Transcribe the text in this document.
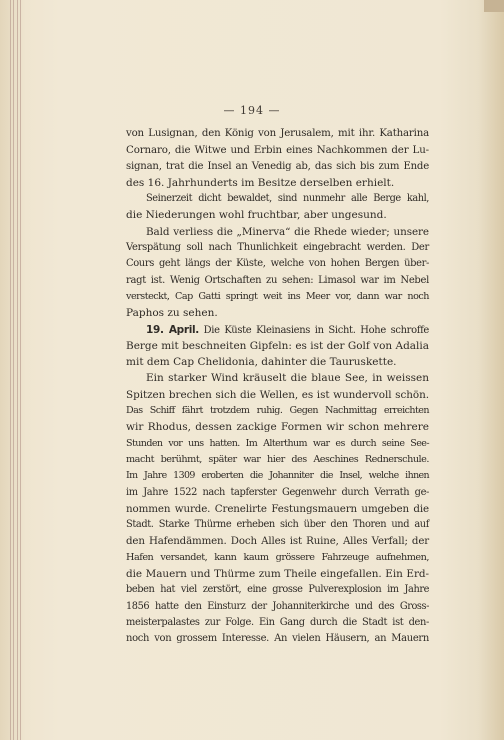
— 194 —
von Lusignan, den König von Jerusalem, mit ihr. Katharina
Cornaro, die Witwe und Erbin eines Nachkommen der Lu-
signan, trat die Insel an Venedig ab, das sich bis zum Ende
des 16. Jahrhunderts im Besitze derselben erhielt.
Seinerzeit dicht bewaldet, sind nunmehr alle Berge kahl,
die Niederungen wohl fruchtbar, aber ungesund.
Bald verliess die „Minerva“ die Rhede wieder; unsere
Verspätung soll nach Thunlichkeit eingebracht werden. Der
Cours geht längs der Küste, welche von hohen Bergen über-
ragt ist. Wenig Ortschaften zu sehen: Limasol war im Nebel
versteckt, Cap Gatti springt weit ins Meer vor, dann war noch
Paphos zu sehen.
19. April. Die Küste Kleinasiens in Sicht. Hohe schroffe
Berge mit beschneiten Gipfeln: es ist der Golf von Adalia
mit dem Cap Chelidonia, dahinter die Tauruskette.
Ein starker Wind kräuselt die blaue See, in weissen
Spitzen brechen sich die Wellen, es ist wundervoll schön.
Das Schiff fährt trotzdem ruhig. Gegen Nachmittag erreichten
wir Rhodus, dessen zackige Formen wir schon mehrere
Stunden vor uns hatten. Im Alterthum war es durch seine See-
macht berühmt, später war hier des Aeschines Rednerschule.
Im Jahre 1309 eroberten die Johanniter die Insel, welche ihnen
im Jahre 1522 nach tapferster Gegenwehr durch Verrath ge-
nommen wurde. Crenelirte Festungsmauern umgeben die
Stadt. Starke Thürme erheben sich über den Thoren und auf
den Hafendämmen. Doch Alles ist Ruine, Alles Verfall; der
Hafen versandet, kann kaum grössere Fahrzeuge aufnehmen,
die Mauern und Thürme zum Theile eingefallen. Ein Erd-
beben hat viel zerstört, eine grosse Pulverexplosion im Jahre
1856 hatte den Einsturz der Johanniterkirche und des Gross-
meisterpalastes zur Folge. Ein Gang durch die Stadt ist den-
noch von grossem Interesse. An vielen Häusern, an Mauern
